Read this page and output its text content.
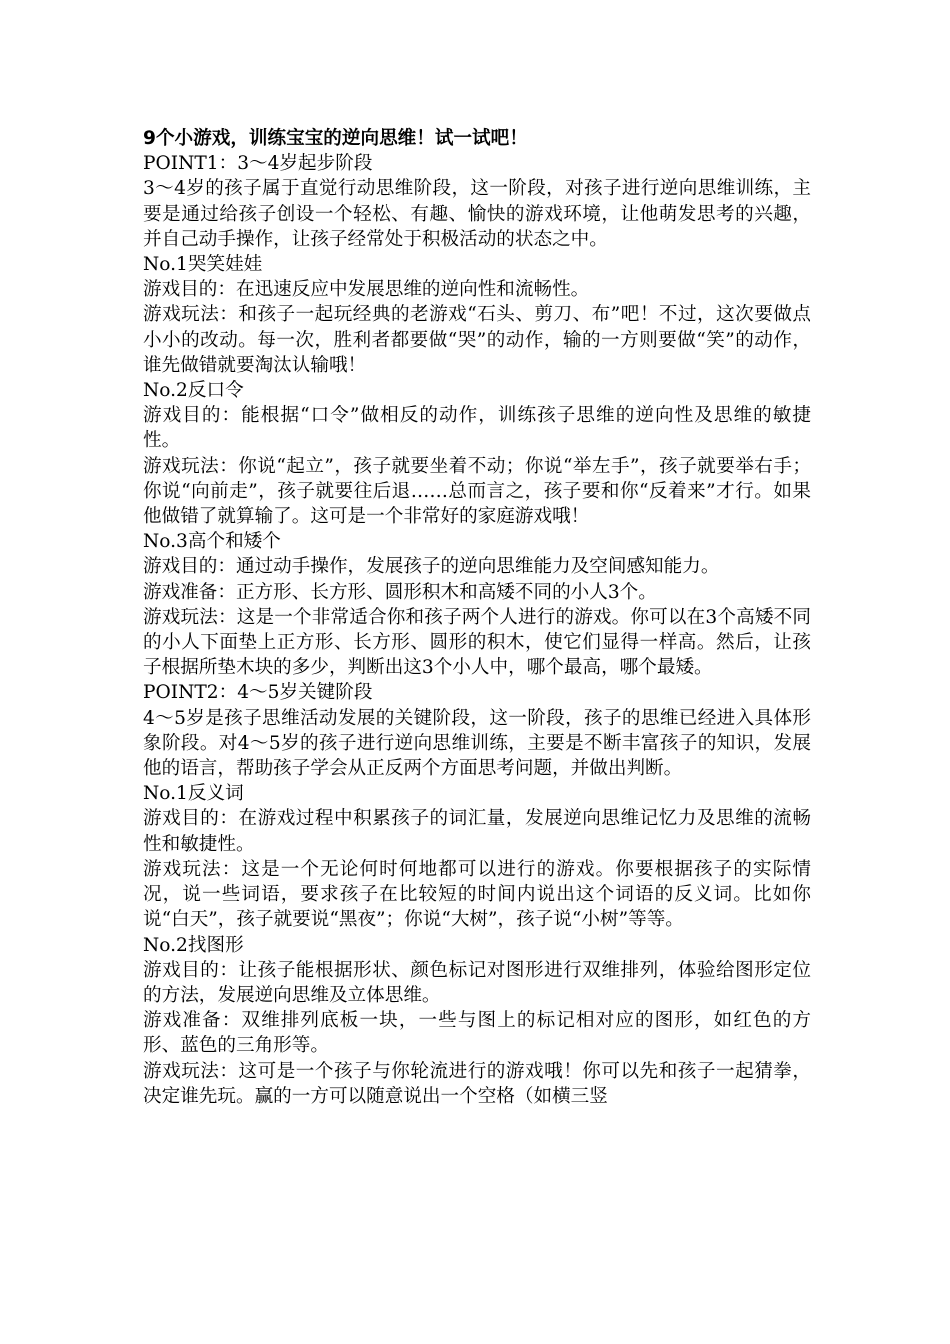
9个小游戏，训练宝宝的逆向思维！试一试吧！

POINT1：3～4岁起步阶段

3～4岁的孩子属于直觉行动思维阶段，这一阶段，对孩子进行逆向思维训练，主要是通过给孩子创设一个轻松、有趣、愉快的游戏环境，让他萌发思考的兴趣，并自己动手操作，让孩子经常处于积极活动的状态之中。

No.1哭笑娃娃

游戏目的：在迅速反应中发展思维的逆向性和流畅性。

游戏玩法：和孩子一起玩经典的老游戏“石头、剪刀、布”吧！不过，这次要做点小小的改动。每一次，胜利者都要做“哭”的动作，输的一方则要做“笑”的动作，谁先做错就要淘汰认输哦！

No.2反口令

游戏目的：能根据“口令”做相反的动作，训练孩子思维的逆向性及思维的敏捷性。

游戏玩法：你说“起立”，孩子就要坐着不动；你说“举左手”，孩子就要举右手；你说“向前走”，孩子就要往后退……总而言之，孩子要和你“反着来”才行。如果他做错了就算输了。这可是一个非常好的家庭游戏哦！

No.3高个和矮个

游戏目的：通过动手操作，发展孩子的逆向思维能力及空间感知能力。

游戏准备：正方形、长方形、圆形积木和高矮不同的小人3个。

游戏玩法：这是一个非常适合你和孩子两个人进行的游戏。你可以在3个高矮不同的小人下面垫上正方形、长方形、圆形的积木，使它们显得一样高。然后，让孩子根据所垫木块的多少，判断出这3个小人中，哪个最高，哪个最矮。

POINT2：4～5岁关键阶段

4～5岁是孩子思维活动发展的关键阶段，这一阶段，孩子的思维已经进入具体形象阶段。对4～5岁的孩子进行逆向思维训练，主要是不断丰富孩子的知识，发展他的语言，帮助孩子学会从正反两个方面思考问题，并做出判断。

No.1反义词

游戏目的：在游戏过程中积累孩子的词汇量，发展逆向思维记忆力及思维的流畅性和敏捷性。

游戏玩法：这是一个无论何时何地都可以进行的游戏。你要根据孩子的实际情况，说一些词语，要求孩子在比较短的时间内说出这个词语的反义词。比如你说“白天”，孩子就要说“黑夜”；你说“大树”，孩子说“小树”等等。

No.2找图形

游戏目的：让孩子能根据形状、颜色标记对图形进行双维排列，体验给图形定位的方法，发展逆向思维及立体思维。

游戏准备：双维排列底板一块，一些与图上的标记相对应的图形，如红色的方形、蓝色的三角形等。

游戏玩法：这可是一个孩子与你轮流进行的游戏哦！你可以先和孩子一起猜拳，决定谁先玩。赢的一方可以随意说出一个空格（如横三竖
